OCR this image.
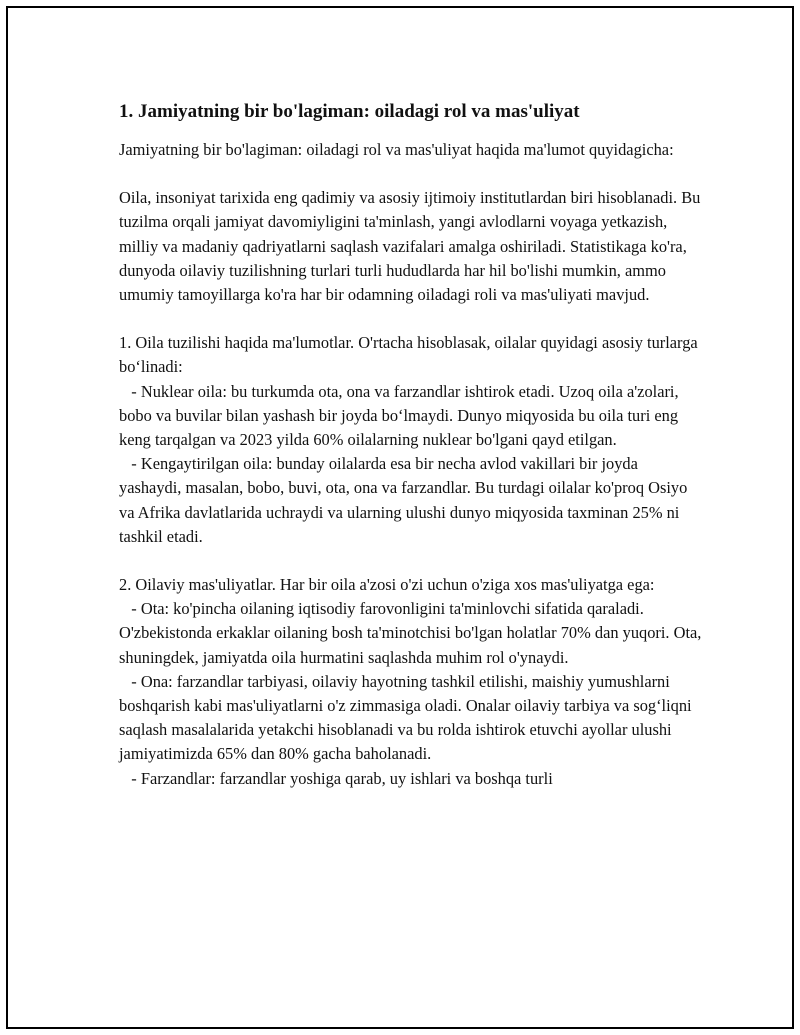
1. Jamiyatning bir bo'lagiman: oiladagi rol va mas'uliyat

Jamiyatning bir bo'lagiman: oiladagi rol va mas'uliyat haqida ma'lumot quyidagicha:

Oila, insoniyat tarixida eng qadimiy va asosiy ijtimoiy institutlardan biri hisoblanadi. Bu tuzilma orqali jamiyat davomiyligini ta'minlash, yangi avlodlarni voyaga yetkazish, milliy va madaniy qadriyatlarni saqlash vazifalari amalga oshiriladi. Statistikaga ko'ra, dunyoda oilaviy tuzilishning turlari turli hududlarda har hil bo'lishi mumkin, ammo umumiy tamoyillarga ko'ra har bir odamning oiladagi roli va mas'uliyati mavjud.

1. Oila tuzilishi haqida ma'lumotlar. O'rtacha hisoblasak, oilalar quyidagi asosiy turlarga bo‘linadi:

- Nuklear oila: bu turkumda ota, ona va farzandlar ishtirok etadi. Uzoq oila a'zolari, bobo va buvilar bilan yashash bir joyda bo‘lmaydi. Dunyo miqyosida bu oila turi eng keng tarqalgan va 2023 yilda 60% oilalarning nuklear bo'lgani qayd etilgan.

- Kengaytirilgan oila: bunday oilalarda esa bir necha avlod vakillari bir joyda yashaydi, masalan, bobo, buvi, ota, ona va farzandlar. Bu turdagi oilalar ko'proq Osiyo va Afrika davlatlarida uchraydi va ularning ulushi dunyo miqyosida taxminan 25% ni tashkil etadi.

2. Oilaviy mas'uliyatlar. Har bir oila a'zosi o'zi uchun o'ziga xos mas'uliyatga ega:

- Ota: ko'pincha oilaning iqtisodiy farovonligini ta'minlovchi sifatida qaraladi. O'zbekistonda erkaklar oilaning bosh ta'minotchisi bo'lgan holatlar 70% dan yuqori. Ota, shuningdek, jamiyatda oila hurmatini saqlashda muhim rol o'ynaydi.

- Ona: farzandlar tarbiyasi, oilaviy hayotning tashkil etilishi, maishiy yumushlarni boshqarish kabi mas'uliyatlarni o'z zimmasiga oladi. Onalar oilaviy tarbiya va sog‘liqni saqlash masalalarida yetakchi hisoblanadi va bu rolda ishtirok etuvchi ayollar ulushi jamiyatimizda 65% dan 80% gacha baholanadi.

- Farzandlar: farzandlar yoshiga qarab, uy ishlari va boshqa turli
